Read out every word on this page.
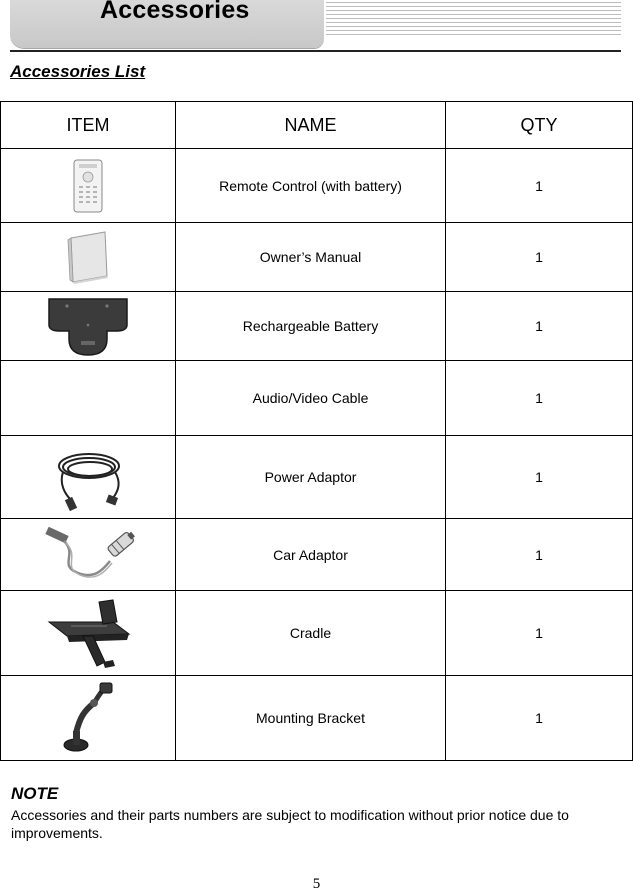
Accessories
Accessories List
ITEM	NAME	QTY

	Remote Control (with battery)	1

	Owner’s Manual	1

	Rechargeable Battery	1
	Audio/Video Cable	1

	Power Adaptor	1

	Car Adaptor	1

	Cradle	1

	Mounting Bracket	1
NOTE
Accessories and their parts numbers are subject to modification without prior notice due to improvements.
5
